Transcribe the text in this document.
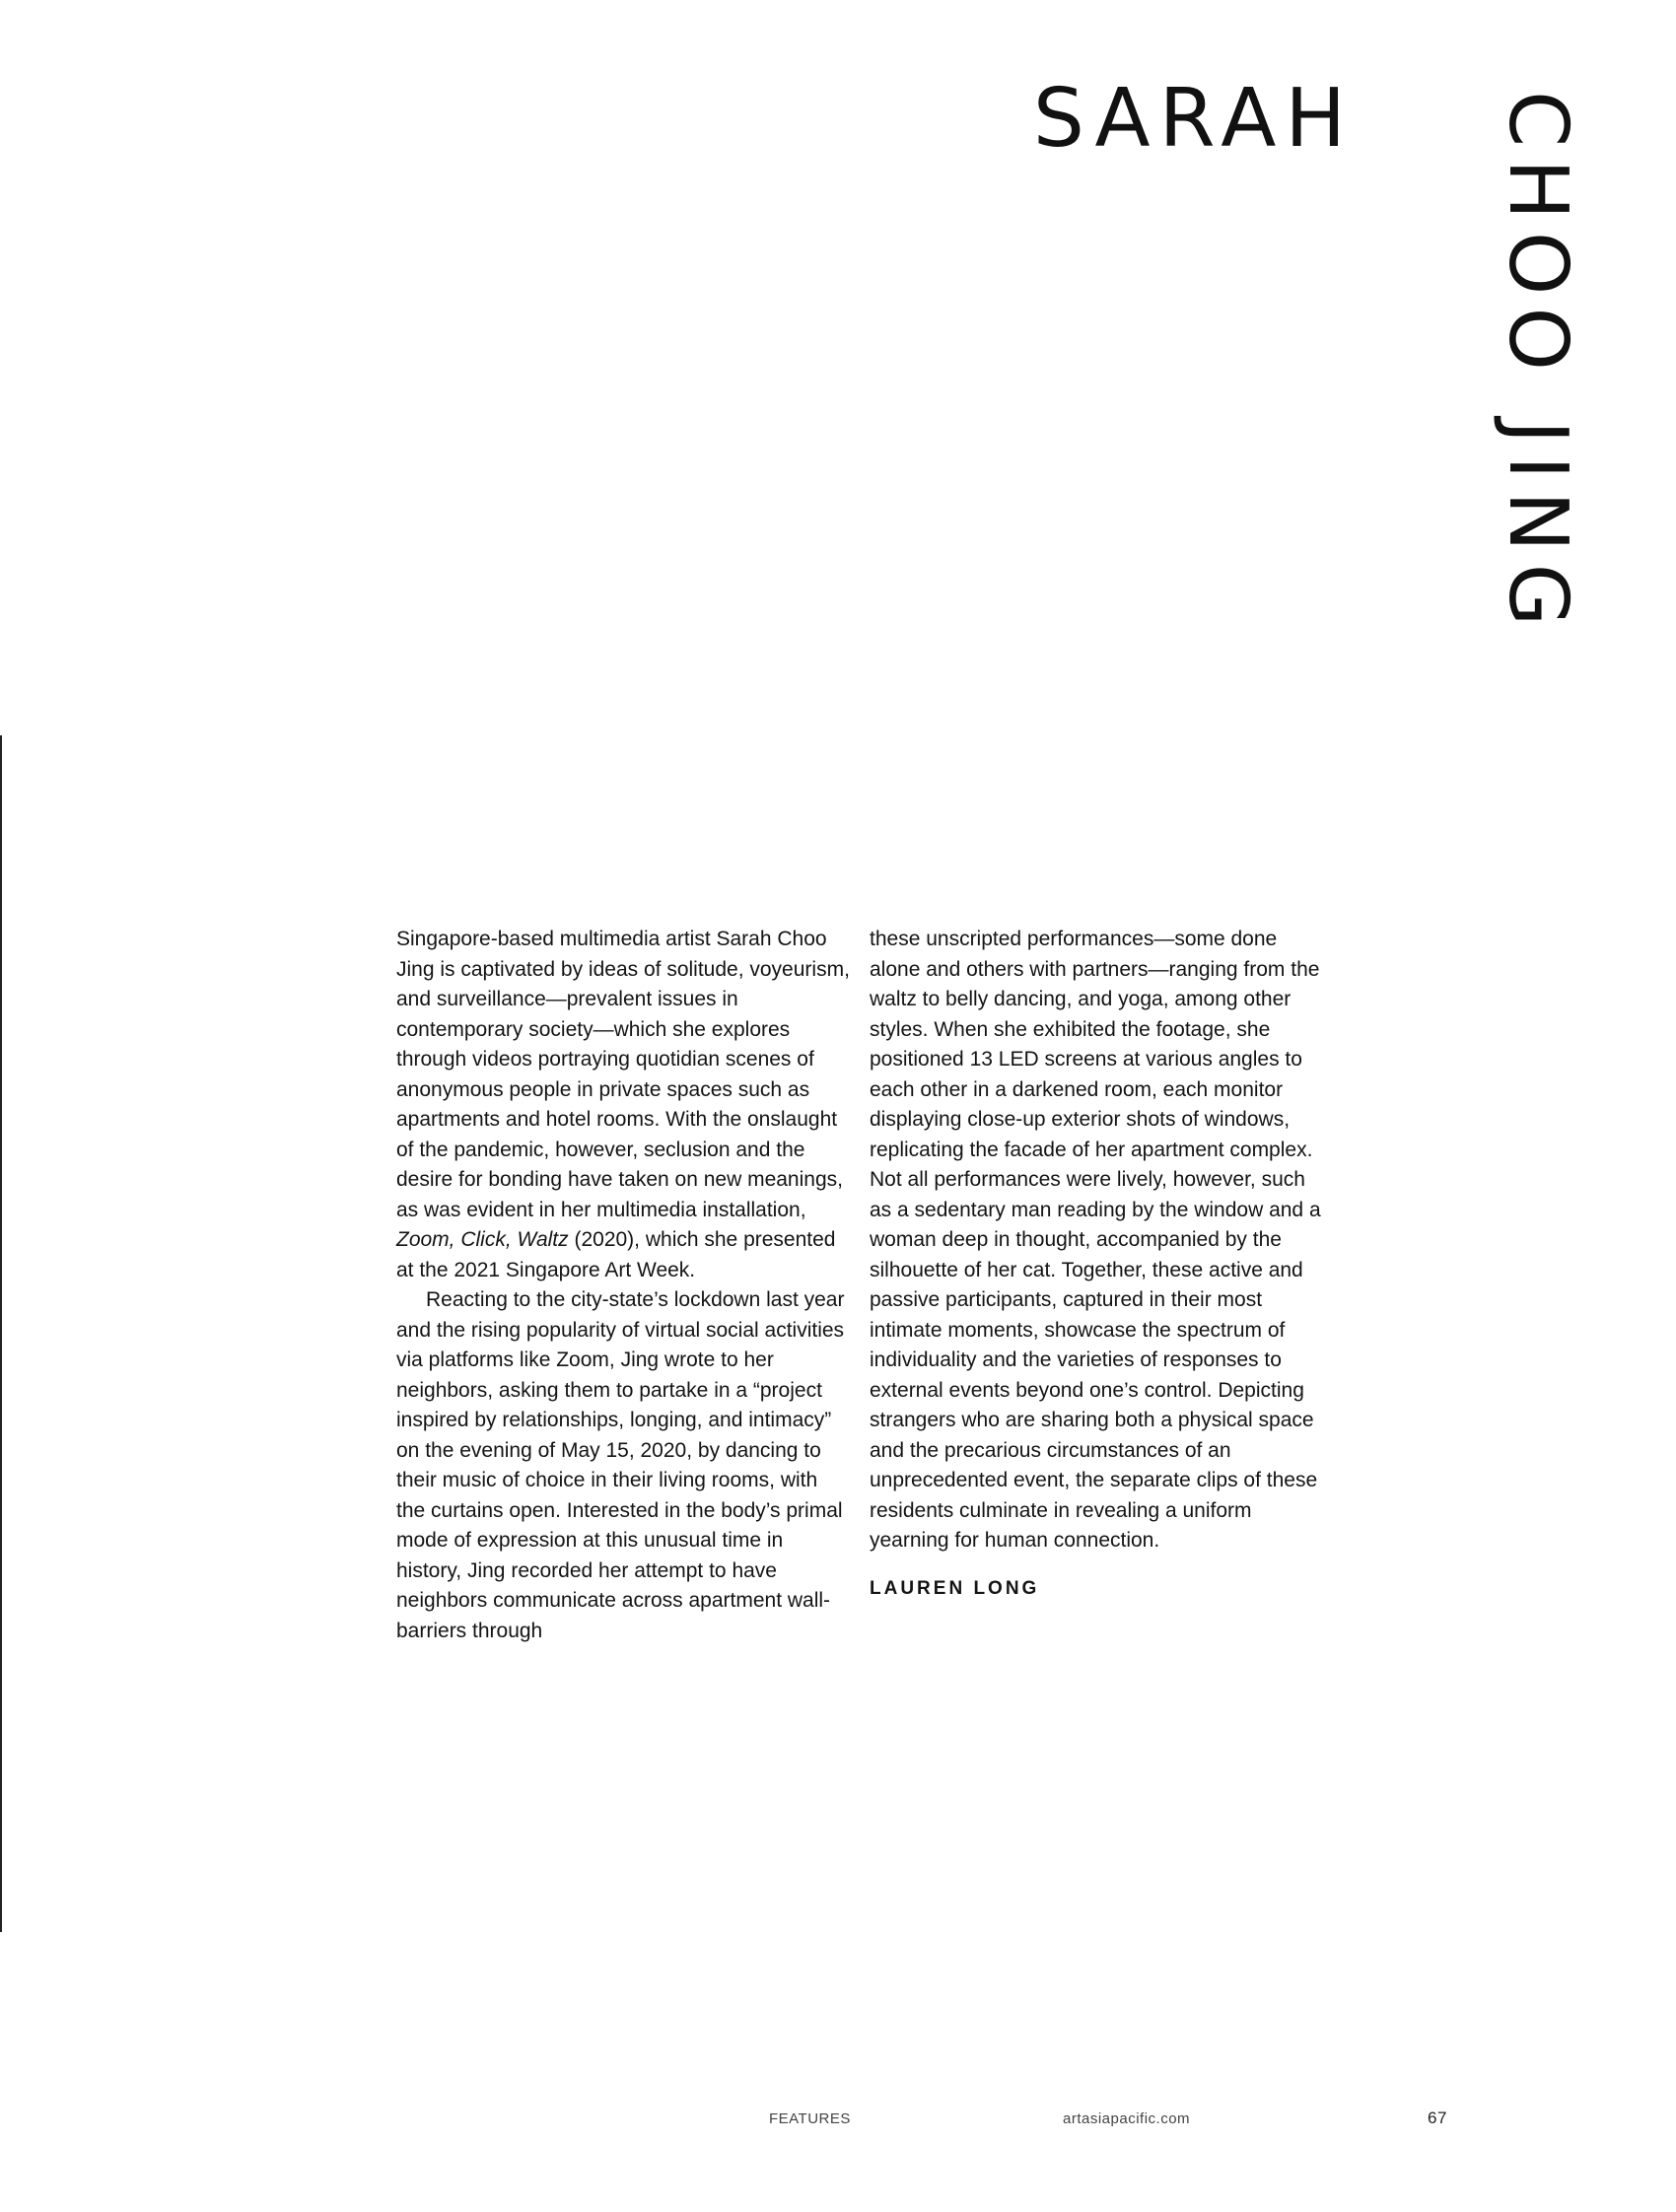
SARAH CHOO JING

Singapore-based multimedia artist Sarah Choo Jing is captivated by ideas of solitude, voyeurism, and surveillance—prevalent issues in contemporary society—which she explores through videos portraying quotidian scenes of anonymous people in private spaces such as apartments and hotel rooms. With the onslaught of the pandemic, however, seclusion and the desire for bonding have taken on new meanings, as was evident in her multimedia installation, Zoom, Click, Waltz (2020), which she presented at the 2021 Singapore Art Week.

Reacting to the city-state’s lockdown last year and the rising popularity of virtual social activities via platforms like Zoom, Jing wrote to her neighbors, asking them to partake in a “project inspired by relationships, longing, and intimacy” on the evening of May 15, 2020, by dancing to their music of choice in their living rooms, with the curtains open. Interested in the body’s primal mode of expression at this unusual time in history, Jing recorded her attempt to have neighbors communicate across apartment wall-barriers through

these unscripted performances—some done alone and others with partners—ranging from the waltz to belly dancing, and yoga, among other styles. When she exhibited the footage, she positioned 13 LED screens at various angles to each other in a darkened room, each monitor displaying close-up exterior shots of windows, replicating the facade of her apartment complex. Not all performances were lively, however, such as a sedentary man reading by the window and a woman deep in thought, accompanied by the silhouette of her cat. Together, these active and passive participants, captured in their most intimate moments, showcase the spectrum of individuality and the varieties of responses to external events beyond one’s control. Depicting strangers who are sharing both a physical space and the precarious circumstances of an unprecedented event, the separate clips of these residents culminate in revealing a uniform yearning for human connection.

LAUREN LONG

FEATURES	artasiapacific.com	67
